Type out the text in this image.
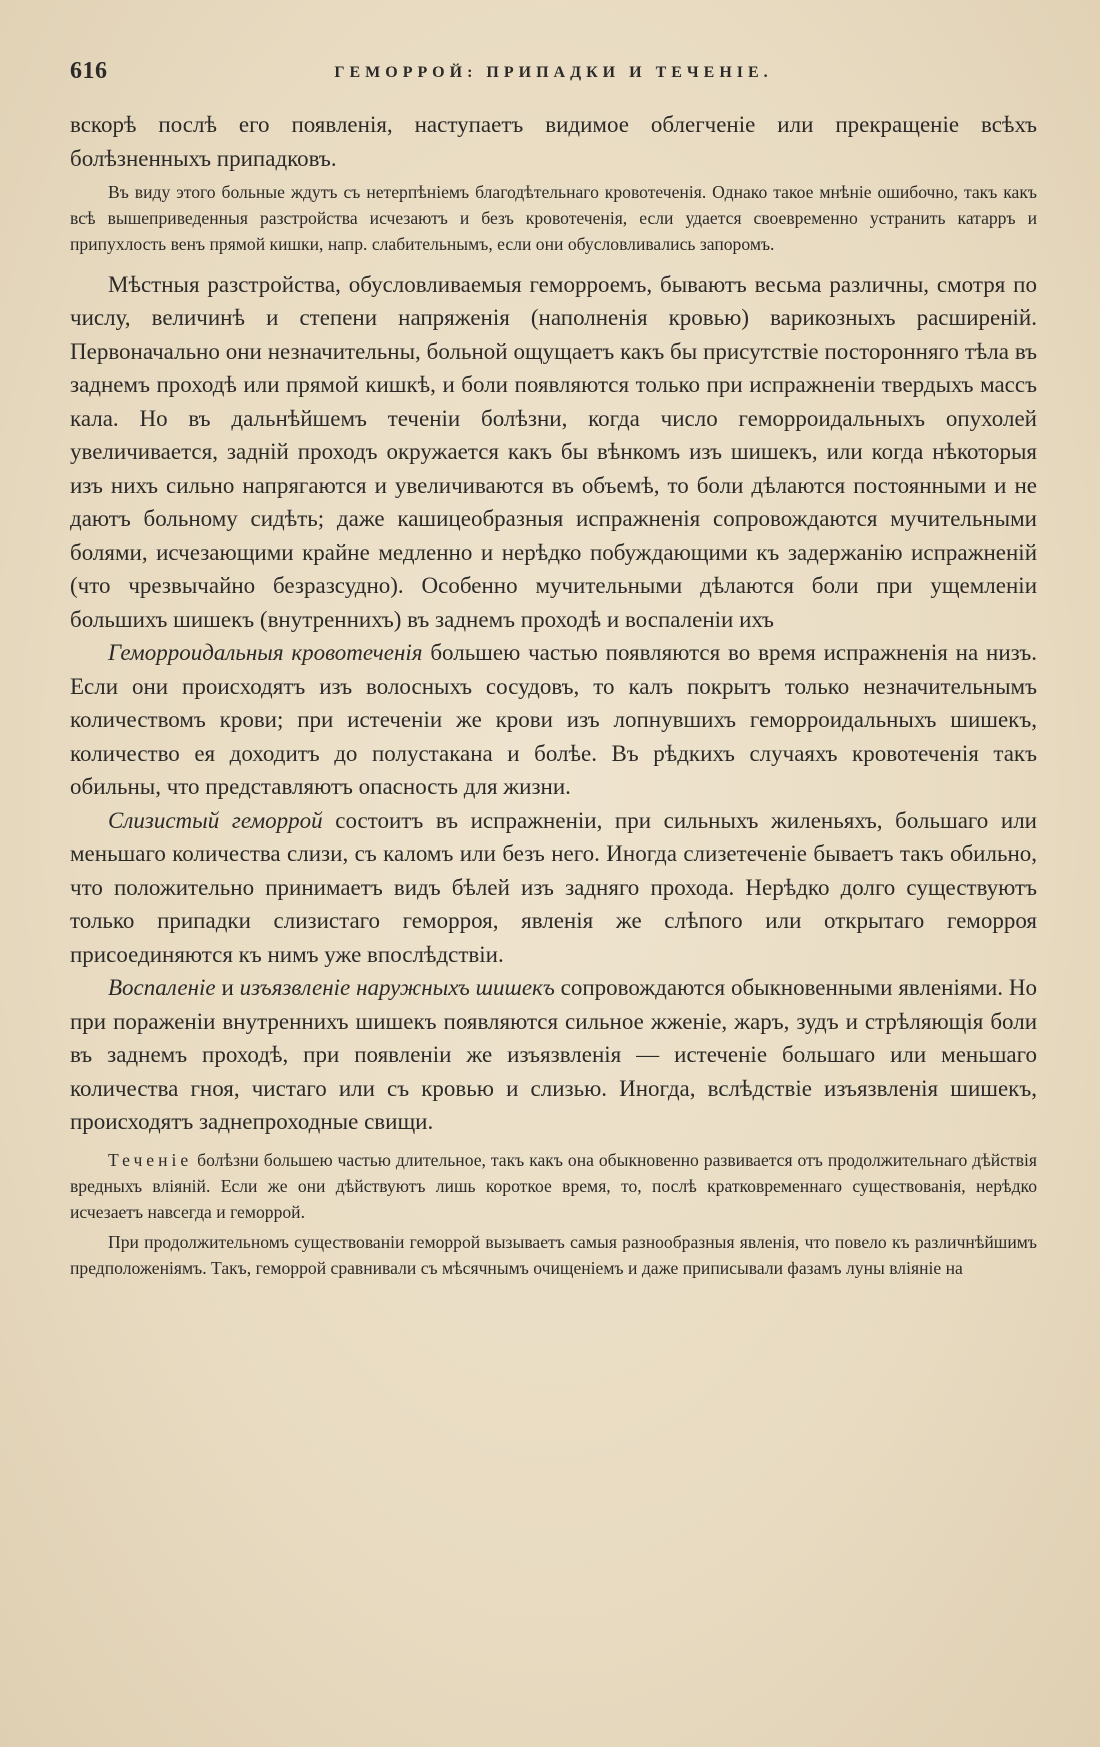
616	ГЕМОРРОЙ: ПРИПАДКИ И ТЕЧЕНІЕ.

вскорѣ послѣ его появленія, наступаетъ видимое облегченіе или прекращеніе всѣхъ болѣзненныхъ припадковъ.

Въ виду этого больные ждутъ съ нетерпѣніемъ благодѣтельнаго кровотеченія. Однако такое мнѣніе ошибочно, такъ какъ всѣ вышеприведенныя разстройства исчезаютъ и безъ кровотеченія, если удается своевременно устранить катарръ и припухлость венъ прямой кишки, напр. слабительнымъ, если они обусловливались запоромъ.

Мѣстныя разстройства, обусловливаемыя геморроемъ, бываютъ весьма различны, смотря по числу, величинѣ и степени напряженія (наполненія кровью) варикозныхъ расширеній. Первоначально они незначительны, больной ощущаетъ какъ бы присутствіе посторонняго тѣла въ заднемъ проходѣ или прямой кишкѣ, и боли появляются только при испражненіи твердыхъ массъ кала. Но въ дальнѣйшемъ теченіи болѣзни, когда число геморроидальныхъ опухолей увеличивается, задній проходъ окружается какъ бы вѣнкомъ изъ шишекъ, или когда нѣкоторыя изъ нихъ сильно напрягаются и увеличиваются въ объемѣ, то боли дѣлаются постоянными и не даютъ больному сидѣть; даже кашицеобразныя испражненія сопровождаются мучительными болями, исчезающими крайне медленно и нерѣдко побуждающими къ задержанію испражненій (что чрезвычайно безразсудно). Особенно мучительными дѣлаются боли при ущемленіи большихъ шишекъ (внутреннихъ) въ заднемъ проходѣ и воспаленіи ихъ

Геморроидальныя кровотеченія большею частью появляются во время испражненія на низъ. Если они происходятъ изъ волосныхъ сосудовъ, то калъ покрытъ только незначительнымъ количествомъ крови; при истеченіи же крови изъ лопнувшихъ геморроидальныхъ шишекъ, количество ея доходитъ до полустакана и болѣе. Въ рѣдкихъ случаяхъ кровотеченія такъ обильны, что представляютъ опасность для жизни.

Слизистый геморрой состоитъ въ испражненіи, при сильныхъ жиленьяхъ, большаго или меньшаго количества слизи, съ каломъ или безъ него. Иногда слизетеченіе бываетъ такъ обильно, что положительно принимаетъ видъ бѣлей изъ задняго прохода. Нерѣдко долго существуютъ только припадки слизистаго геморроя, явленія же слѣпого или открытаго геморроя присоединяются къ нимъ уже впослѣдствіи.

Воспаленіе и изъязвленіе наружныхъ шишекъ сопровождаются обыкновенными явленіями. Но при пораженіи внутреннихъ шишекъ появляются сильное жженіе, жаръ, зудъ и стрѣляющія боли въ заднемъ проходѣ, при появленіи же изъязвленія — истеченіе большаго или меньшаго количества гноя, чистаго или съ кровью и слизью. Иногда, вслѣдствіе изъязвленія шишекъ, происходятъ заднепроходные свищи.

Теченіе болѣзни большею частью длительное, такъ какъ она обыкновенно развивается отъ продолжительнаго дѣйствія вредныхъ вліяній. Если же они дѣйствуютъ лишь короткое время, то, послѣ кратковременнаго существованія, нерѣдко исчезаетъ навсегда и геморрой.

При продолжительномъ существованіи геморрой вызываетъ самыя разнообразныя явленія, что повело къ различнѣйшимъ предположеніямъ. Такъ, геморрой сравнивали съ мѣсячнымъ очищеніемъ и даже приписывали фазамъ луны вліяніе на
